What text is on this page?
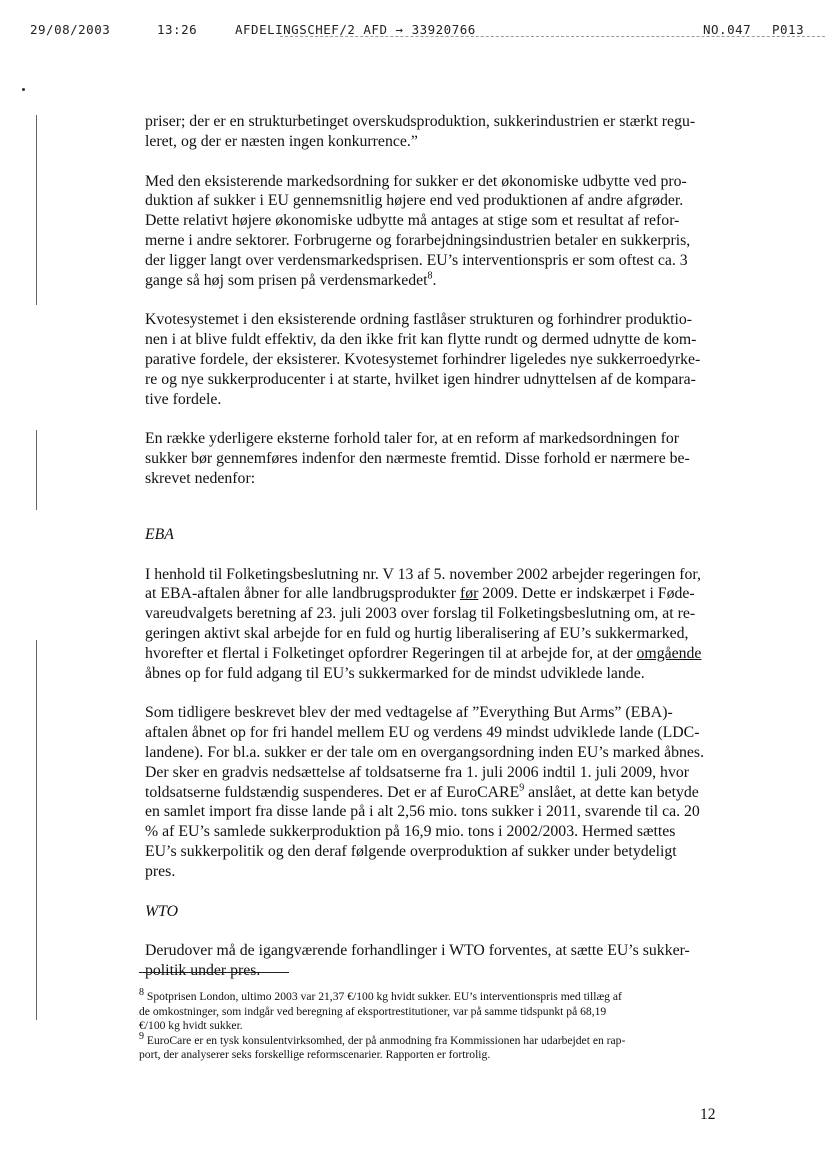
29/08/2003	13:26	AFDELINGSCHEF/2 AFD → 33920766	NO.047 P013

priser; der er en strukturbetinget overskudsproduktion, sukkerindustrien er stærkt regu-
leret, og der er næsten ingen konkurrence.”

Med den eksisterende markedsordning for sukker er det økonomiske udbytte ved pro-
duktion af sukker i EU gennemsnitlig højere end ved produktionen af andre afgrøder.
Dette relativt højere økonomiske udbytte må antages at stige som et resultat af refor-
merne i andre sektorer. Forbrugerne og forarbejdningsindustrien betaler en sukkerpris,
der ligger langt over verdensmarkedsprisen. EU’s interventionspris er som oftest ca. 3
gange så høj som prisen på verdensmarkedet$^8$.

Kvotesystemet i den eksisterende ordning fastlåser strukturen og forhindrer produktio-
nen i at blive fuldt effektiv, da den ikke frit kan flytte rundt og dermed udnytte de kom-
parative fordele, der eksisterer. Kvotesystemet forhindrer ligeledes nye sukkerroedyrke-
re og nye sukkerproducenter i at starte, hvilket igen hindrer udnyttelsen af de kompara-
tive fordele.

En række yderligere eksterne forhold taler for, at en reform af markedsordningen for
sukker bør gennemføres indenfor den nærmeste fremtid. Disse forhold er nærmere be-
skrevet nedenfor:

EBA

I henhold til Folketingsbeslutning nr. V 13 af 5. november 2002 arbejder regeringen for,
at EBA-aftalen åbner for alle landbrugsprodukter før 2009. Dette er indskærpet i Føde-
vareudvalgets beretning af 23. juli 2003 over forslag til Folketingsbeslutning om, at re-
geringen aktivt skal arbejde for en fuld og hurtig liberalisering af EU’s sukkermarked,
hvorefter et flertal i Folketinget opfordrer Regeringen til at arbejde for, at der omgående
åbnes op for fuld adgang til EU’s sukkermarked for de mindst udviklede lande.

Som tidligere beskrevet blev der med vedtagelse af ”Everything But Arms” (EBA)-
aftalen åbnet op for fri handel mellem EU og verdens 49 mindst udviklede lande (LDC-
landene). For bl.a. sukker er der tale om en overgangsordning inden EU’s marked åbnes.
Der sker en gradvis nedsættelse af toldsatserne fra 1. juli 2006 indtil 1. juli 2009, hvor
toldsatserne fuldstændig suspenderes. Det er af EuroCARE$^9$ anslået, at dette kan betyde
en samlet import fra disse lande på i alt 2,56 mio. tons sukker i 2011, svarende til ca. 20
% af EU’s samlede sukkerproduktion på 16,9 mio. tons i 2002/2003. Hermed sættes
EU’s sukkerpolitik og den deraf følgende overproduktion af sukker under betydeligt
pres.

WTO

Derudover må de igangværende forhandlinger i WTO forventes, at sætte EU’s sukker-
politik under pres.

$^8$ Spotprisen London, ultimo 2003 var 21,37 €/100 kg hvidt sukker. EU’s interventionspris med tillæg af
de omkostninger, som indgår ved beregning af eksportrestitutioner, var på samme tidspunkt på 68,19
€/100 kg hvidt sukker.

$^9$ EuroCare er en tysk konsulentvirksomhed, der på anmodning fra Kommissionen har udarbejdet en rap-
port, der analyserer seks forskellige reformscenarier. Rapporten er fortrolig.

12
